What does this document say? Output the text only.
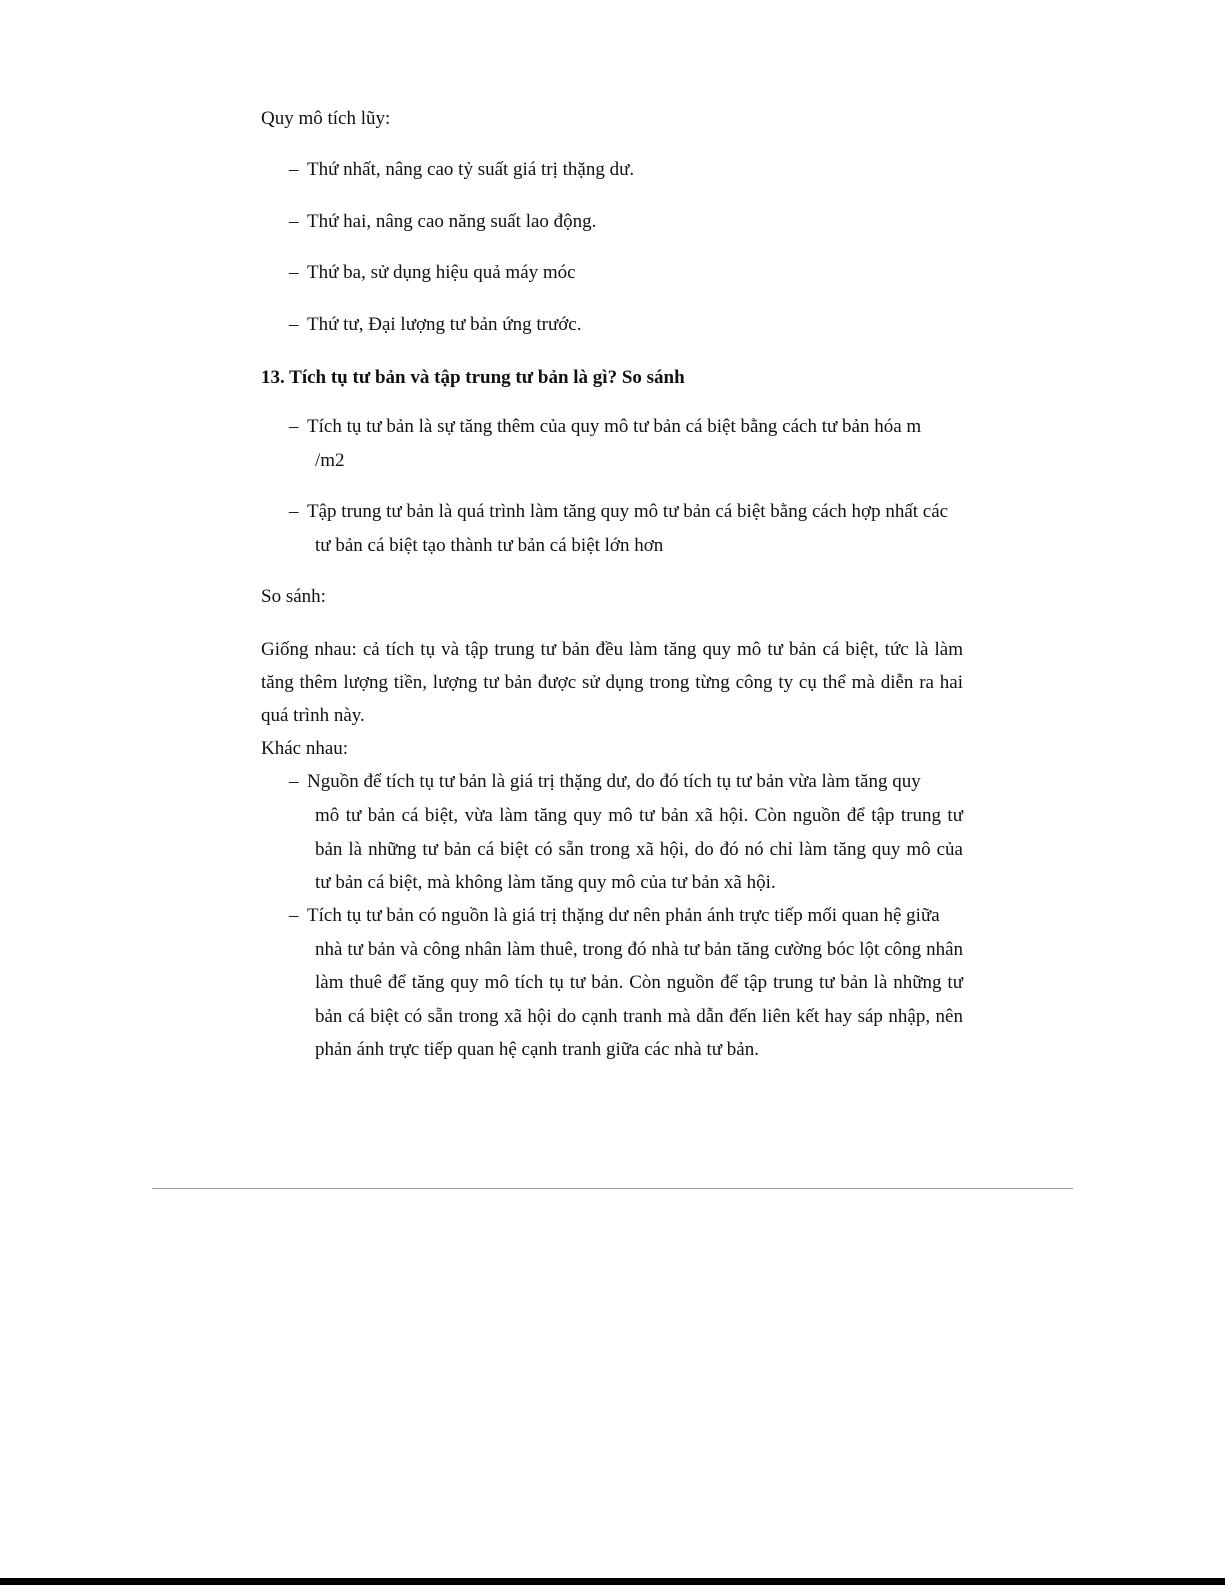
Quy mô tích lũy:
– Thứ nhất, nâng cao tỷ suất giá trị thặng dư.
– Thứ hai, nâng cao năng suất lao động.
– Thứ ba, sử dụng hiệu quả máy móc
– Thứ tư, Đại lượng tư bản ứng trước.
13. Tích tụ tư bản và tập trung tư bản là gì? So sánh
– Tích tụ tư bản là sự tăng thêm của quy mô tư bản cá biệt bằng cách tư bản hóa m
/m2
– Tập trung tư bản là quá trình làm tăng quy mô tư bản cá biệt bằng cách hợp nhất các
tư bản cá biệt tạo thành tư bản cá biệt lớn hơn
So sánh:
Giống nhau: cả tích tụ và tập trung tư bản đều làm tăng quy mô tư bản cá biệt, tức là làm
tăng thêm lượng tiền, lượng tư bản được sử dụng trong từng công ty cụ thể mà diễn ra hai
quá trình này.
Khác nhau:
– Nguồn để tích tụ tư bản là giá trị thặng dư, do đó tích tụ tư bản vừa làm tăng quy
mô tư bản cá biệt, vừa làm tăng quy mô tư bản xã hội. Còn nguồn để tập trung tư
bản là những tư bản cá biệt có sẵn trong xã hội, do đó nó chỉ làm tăng quy mô của
tư bản cá biệt, mà không làm tăng quy mô của tư bản xã hội.
– Tích tụ tư bản có nguồn là giá trị thặng dư nên phản ánh trực tiếp mối quan hệ giữa
nhà tư bản và công nhân làm thuê, trong đó nhà tư bản tăng cường bóc lột công nhân
làm thuê để tăng quy mô tích tụ tư bản. Còn nguồn để tập trung tư bản là những tư
bản cá biệt có sẵn trong xã hội do cạnh tranh mà dẫn đến liên kết hay sáp nhập, nên
phản ánh trực tiếp quan hệ cạnh tranh giữa các nhà tư bản.
